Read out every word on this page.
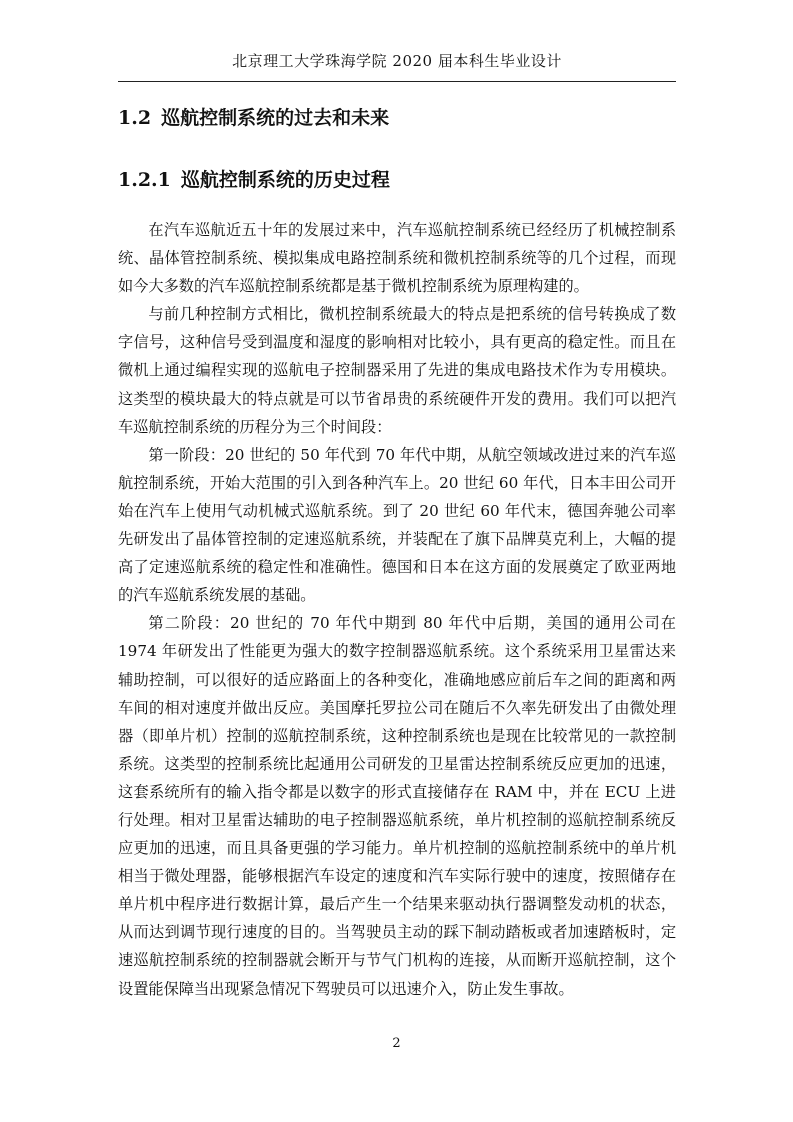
北京理工大学珠海学院 2020 届本科生毕业设计
1.2 巡航控制系统的过去和未来
1.2.1 巡航控制系统的历史过程

在汽车巡航近五十年的发展过来中，汽车巡航控制系统已经经历了机械控制系统、晶体管控制系统、模拟集成电路控制系统和微机控制系统等的几个过程，而现如今大多数的汽车巡航控制系统都是基于微机控制系统为原理构建的。

与前几种控制方式相比，微机控制系统最大的特点是把系统的信号转换成了数字信号，这种信号受到温度和湿度的影响相对比较小，具有更高的稳定性。而且在微机上通过编程实现的巡航电子控制器采用了先进的集成电路技术作为专用模块。这类型的模块最大的特点就是可以节省昂贵的系统硬件开发的费用。我们可以把汽车巡航控制系统的历程分为三个时间段：

第一阶段：20 世纪的 50 年代到 70 年代中期，从航空领域改进过来的汽车巡航控制系统，开始大范围的引入到各种汽车上。20 世纪 60 年代，日本丰田公司开始在汽车上使用气动机械式巡航系统。到了 20 世纪 60 年代末，德国奔驰公司率先研发出了晶体管控制的定速巡航系统，并装配在了旗下品牌莫克利上，大幅的提高了定速巡航系统的稳定性和准确性。德国和日本在这方面的发展奠定了欧亚两地的汽车巡航系统发展的基础。

第二阶段：20 世纪的 70 年代中期到 80 年代中后期，美国的通用公司在 1974 年研发出了性能更为强大的数字控制器巡航系统。这个系统采用卫星雷达来辅助控制，可以很好的适应路面上的各种变化，准确地感应前后车之间的距离和两车间的相对速度并做出反应。美国摩托罗拉公司在随后不久率先研发出了由微处理器（即单片机）控制的巡航控制系统，这种控制系统也是现在比较常见的一款控制系统。这类型的控制系统比起通用公司研发的卫星雷达控制系统反应更加的迅速，这套系统所有的输入指令都是以数字的形式直接储存在 RAM 中，并在 ECU 上进行处理。相对卫星雷达辅助的电子控制器巡航系统，单片机控制的巡航控制系统反应更加的迅速，而且具备更强的学习能力。单片机控制的巡航控制系统中的单片机相当于微处理器，能够根据汽车设定的速度和汽车实际行驶中的速度，按照储存在单片机中程序进行数据计算，最后产生一个结果来驱动执行器调整发动机的状态，从而达到调节现行速度的目的。当驾驶员主动的踩下制动踏板或者加速踏板时，定速巡航控制系统的控制器就会断开与节气门机构的连接，从而断开巡航控制，这个设置能保障当出现紧急情况下驾驶员可以迅速介入，防止发生事故。

2
